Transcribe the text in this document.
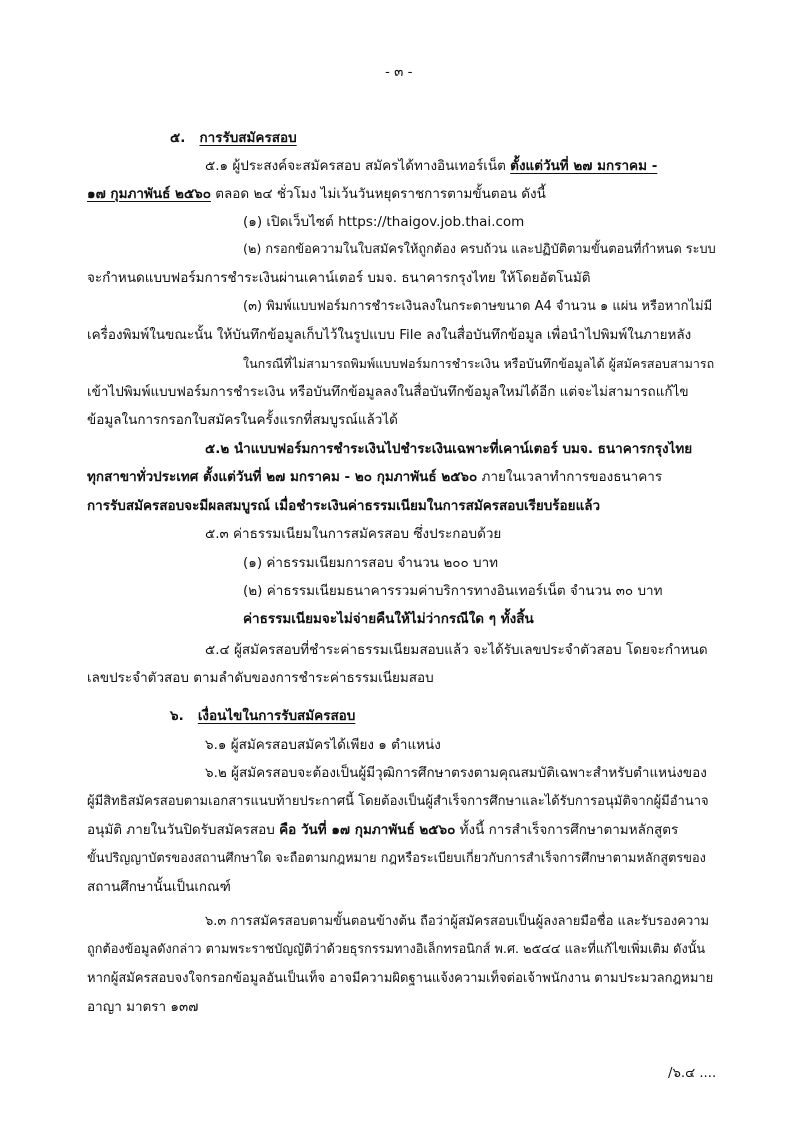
- ๓ -
๕. การรับสมัครสอบ
๕.๑ ผู้ประสงค์จะสมัครสอบ สมัครได้ทางอินเทอร์เน็ต ตั้งแต่วันที่ ๒๗ มกราคม -
๑๗ กุมภาพันธ์ ๒๕๖๐ ตลอด ๒๔ ชั่วโมง ไม่เว้นวันหยุดราชการตามขั้นตอน ดังนี้
(๑) เปิดเว็บไซต์ https://thaigov.job.thai.com
(๒) กรอกข้อความในใบสมัครให้ถูกต้อง ครบถ้วน และปฏิบัติตามขั้นตอนที่กำหนด ระบบ
จะกำหนดแบบฟอร์มการชำระเงินผ่านเคาน์เตอร์ บมจ. ธนาคารกรุงไทย ให้โดยอัตโนมัติ
(๓) พิมพ์แบบฟอร์มการชำระเงินลงในกระดาษขนาด A4 จำนวน ๑ แผ่น หรือหากไม่มี
เครื่องพิมพ์ในขณะนั้น ให้บันทึกข้อมูลเก็บไว้ในรูปแบบ File ลงในสื่อบันทึกข้อมูล เพื่อนำไปพิมพ์ในภายหลัง
ในกรณีที่ไม่สามารถพิมพ์แบบฟอร์มการชำระเงิน หรือบันทึกข้อมูลได้ ผู้สมัครสอบสามารถ
เข้าไปพิมพ์แบบฟอร์มการชำระเงิน หรือบันทึกข้อมูลลงในสื่อบันทึกข้อมูลใหม่ได้อีก แต่จะไม่สามารถแก้ไข
ข้อมูลในการกรอกใบสมัครในครั้งแรกที่สมบูรณ์แล้วได้
๕.๒ นำแบบฟอร์มการชำระเงินไปชำระเงินเฉพาะที่เคาน์เตอร์ บมจ. ธนาคารกรุงไทย
ทุกสาขาทั่วประเทศ ตั้งแต่วันที่ ๒๗ มกราคม - ๒๐ กุมภาพันธ์ ๒๕๖๐ ภายในเวลาทำการของธนาคาร
การรับสมัครสอบจะมีผลสมบูรณ์ เมื่อชำระเงินค่าธรรมเนียมในการสมัครสอบเรียบร้อยแล้ว
๕.๓ ค่าธรรมเนียมในการสมัครสอบ ซึ่งประกอบด้วย
(๑) ค่าธรรมเนียมการสอบ จำนวน ๒๐๐ บาท
(๒) ค่าธรรมเนียมธนาคารรวมค่าบริการทางอินเทอร์เน็ต จำนวน ๓๐ บาท
ค่าธรรมเนียมจะไม่จ่ายคืนให้ไม่ว่ากรณีใด ๆ ทั้งสิ้น
๕.๔ ผู้สมัครสอบที่ชำระค่าธรรมเนียมสอบแล้ว จะได้รับเลขประจำตัวสอบ โดยจะกำหนด
เลขประจำตัวสอบ ตามลำดับของการชำระค่าธรรมเนียมสอบ
๖. เงื่อนไขในการรับสมัครสอบ
๖.๑ ผู้สมัครสอบสมัครได้เพียง ๑ ตำแหน่ง
๖.๒ ผู้สมัครสอบจะต้องเป็นผู้มีวุฒิการศึกษาตรงตามคุณสมบัติเฉพาะสำหรับตำแหน่งของ
ผู้มีสิทธิสมัครสอบตามเอกสารแนบท้ายประกาศนี้ โดยต้องเป็นผู้สำเร็จการศึกษาและได้รับการอนุมัติจากผู้มีอำนาจ
อนุมัติ ภายในวันปิดรับสมัครสอบ คือ วันที่ ๑๗ กุมภาพันธ์ ๒๕๖๐ ทั้งนี้ การสำเร็จการศึกษาตามหลักสูตร
ขั้นปริญญาบัตรของสถานศึกษาใด จะถือตามกฎหมาย กฎหรือระเบียบเกี่ยวกับการสำเร็จการศึกษาตามหลักสูตรของ
สถานศึกษานั้นเป็นเกณฑ์
๖.๓ การสมัครสอบตามขั้นตอนข้างต้น ถือว่าผู้สมัครสอบเป็นผู้ลงลายมือชื่อ และรับรองความ
ถูกต้องข้อมูลดังกล่าว ตามพระราชบัญญัติว่าด้วยธุรกรรมทางอิเล็กทรอนิกส์ พ.ศ. ๒๕๔๔ และที่แก้ไขเพิ่มเติม ดังนั้น
หากผู้สมัครสอบจงใจกรอกข้อมูลอันเป็นเท็จ อาจมีความผิดฐานแจ้งความเท็จต่อเจ้าพนักงาน ตามประมวลกฎหมาย
อาญา มาตรา ๑๓๗
/๖.๔ ....
